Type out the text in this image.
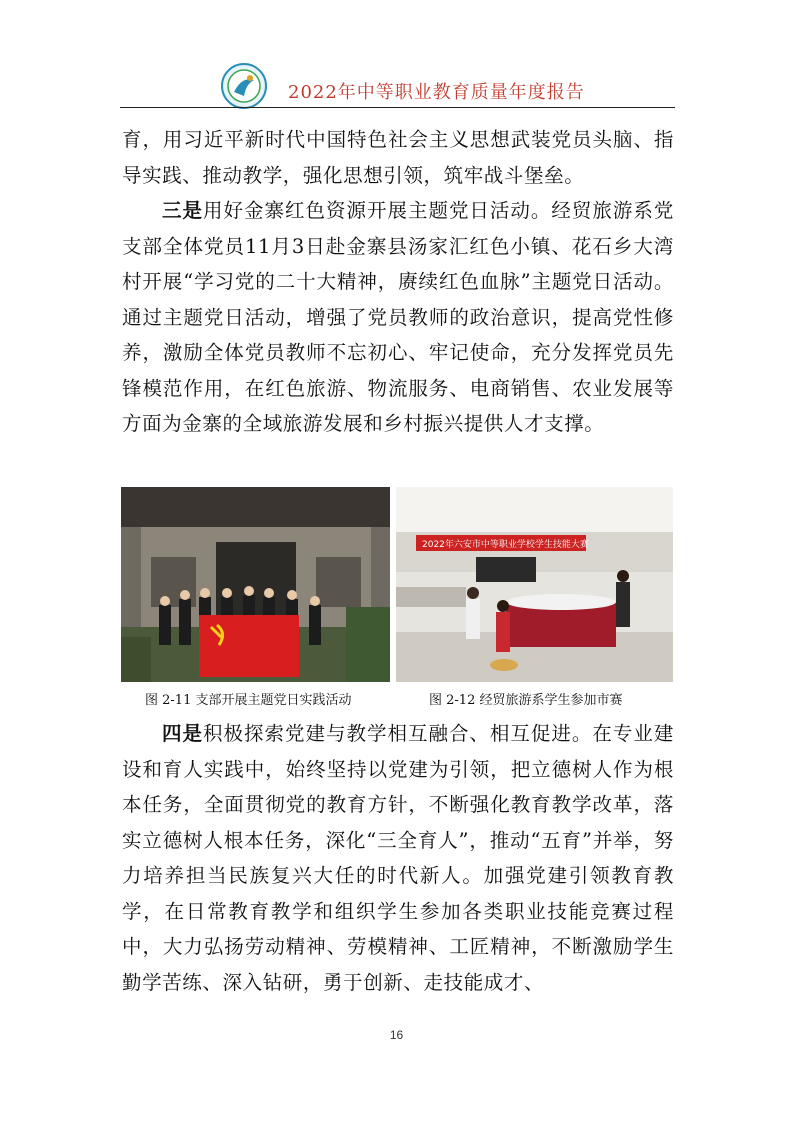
2022年中等职业教育质量年度报告

育，用习近平新时代中国特色社会主义思想武装党员头脑、指导实践、推动教学，强化思想引领，筑牢战斗堡垒。

三是用好金寨红色资源开展主题党日活动。经贸旅游系党支部全体党员11月3日赴金寨县汤家汇红色小镇、花石乡大湾村开展“学习党的二十大精神，赓续红色血脉”主题党日活动。通过主题党日活动，增强了党员教师的政治意识，提高党性修养，激励全体党员教师不忘初心、牢记使命，充分发挥党员先锋模范作用，在红色旅游、物流服务、电商销售、农业发展等方面为金寨的全域旅游发展和乡村振兴提供人才支撑。

2022年六安市中等职业学校学生技能大赛
图 2-11 支部开展主题党日实践活动	图 2-12 经贸旅游系学生参加市赛

四是积极探索党建与教学相互融合、相互促进。在专业建设和育人实践中，始终坚持以党建为引领，把立德树人作为根本任务，全面贯彻党的教育方针，不断强化教育教学改革，落实立德树人根本任务，深化“三全育人”，推动“五育”并举，努力培养担当民族复兴大任的时代新人。加强党建引领教育教学，在日常教育教学和组织学生参加各类职业技能竞赛过程中，大力弘扬劳动精神、劳模精神、工匠精神，不断激励学生勤学苦练、深入钻研，勇于创新、走技能成才、

16
